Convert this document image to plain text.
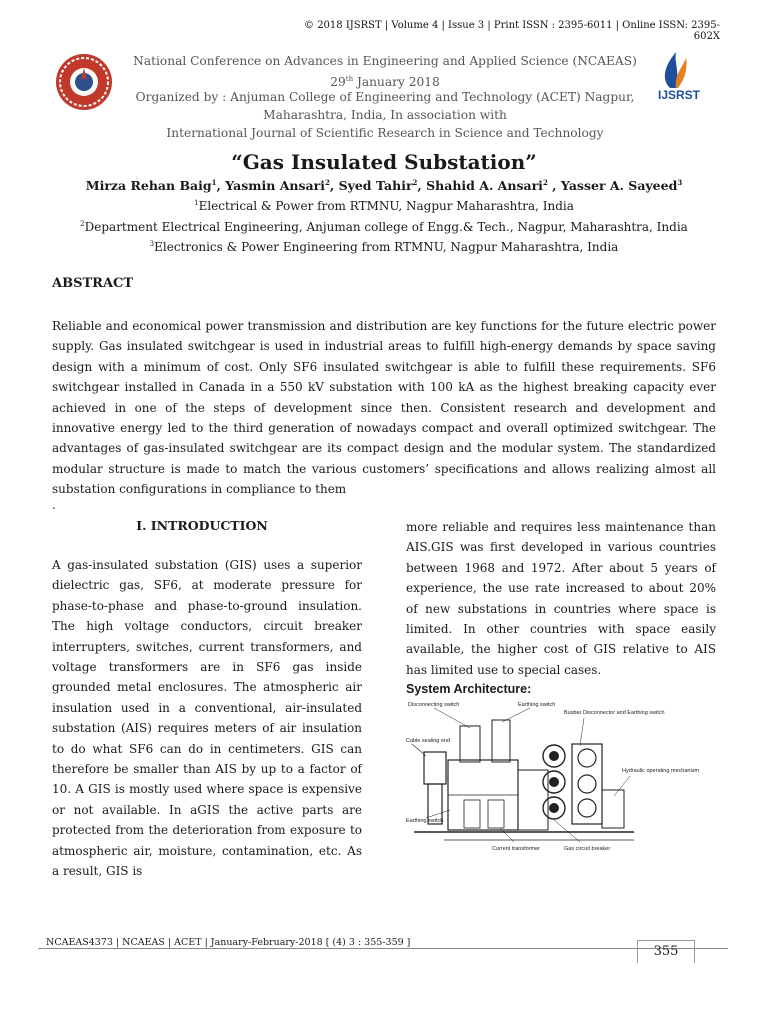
© 2018 IJSRST | Volume 4 | Issue 3 | Print ISSN : 2395-6011 | Online ISSN: 2395-602X
National Conference on Advances in Engineering and Applied Science (NCAEAS)
29th January 2018
Organized by : Anjuman College of Engineering and Technology (ACET) Nagpur,
Maharashtra, India, In association with
International Journal of Scientific Research in Science and Technology
IJSRST
“Gas Insulated Substation”
Mirza Rehan Baig$^1$, Yasmin Ansari$^2$, Syed Tahir$^2$, Shahid A. Ansari$^2$ , Yasser A. Sayeed$^3$
$^1$Electrical & Power from RTMNU, Nagpur Maharashtra, India
$^2$Department Electrical Engineering, Anjuman college of Engg.& Tech., Nagpur, Maharashtra, India
$^3$Electronics & Power Engineering from RTMNU, Nagpur Maharashtra, India
ABSTRACT
Reliable and economical power transmission and distribution are key functions for the future electric power supply. Gas insulated switchgear is used in industrial areas to fulfill high-energy demands by space saving design with a minimum of cost. Only SF6 insulated switchgear is able to fulfill these requirements. SF6 switchgear installed in Canada in a 550 kV substation with 100 kA as the highest breaking capacity ever achieved in one of the steps of development since then. Consistent research and development and innovative energy led to the third generation of nowadays compact and overall optimized switchgear. The advantages of gas-insulated switchgear are its compact design and the modular system. The standardized modular structure is made to match the various customers’ specifications and allows realizing almost all substation configurations in compliance to them
.
I. INTRODUCTION
A gas-insulated substation (GIS) uses a superior dielectric gas, SF6, at moderate pressure for phase-to-phase and phase-to-ground insulation. The high voltage conductors, circuit breaker interrupters, switches, current transformers, and voltage transformers are in SF6 gas inside grounded metal enclosures. The atmospheric air insulation used in a conventional, air-insulated substation (AIS) requires meters of air insulation to do what SF6 can do in centimeters. GIS can therefore be smaller than AIS by up to a factor of 10. A GIS is mostly used where space is expensive or not available. In aGIS the active parts are protected from the deterioration from exposure to atmospheric air, moisture, contamination, etc. As a result, GIS is
more reliable and requires less maintenance than AIS.GIS was first developed in various countries between 1968 and 1972. After about 5 years of experience, the use rate increased to about 20% of new substations in countries where space is limited. In other countries with space easily available, the higher cost of GIS relative to AIS has limited use to special cases.
System Architecture:
Disconnecting switch	Earthing switch
Busbar Disconnector and Earthing switch
Cable sealing end
Hydraulic operating mechanism
Earthing switch
Current transformer	Gas circuit breaker
NCAEAS4373 | NCAEAS | ACET | January-February-2018 [ (4) 3 : 355-359 ]
355
